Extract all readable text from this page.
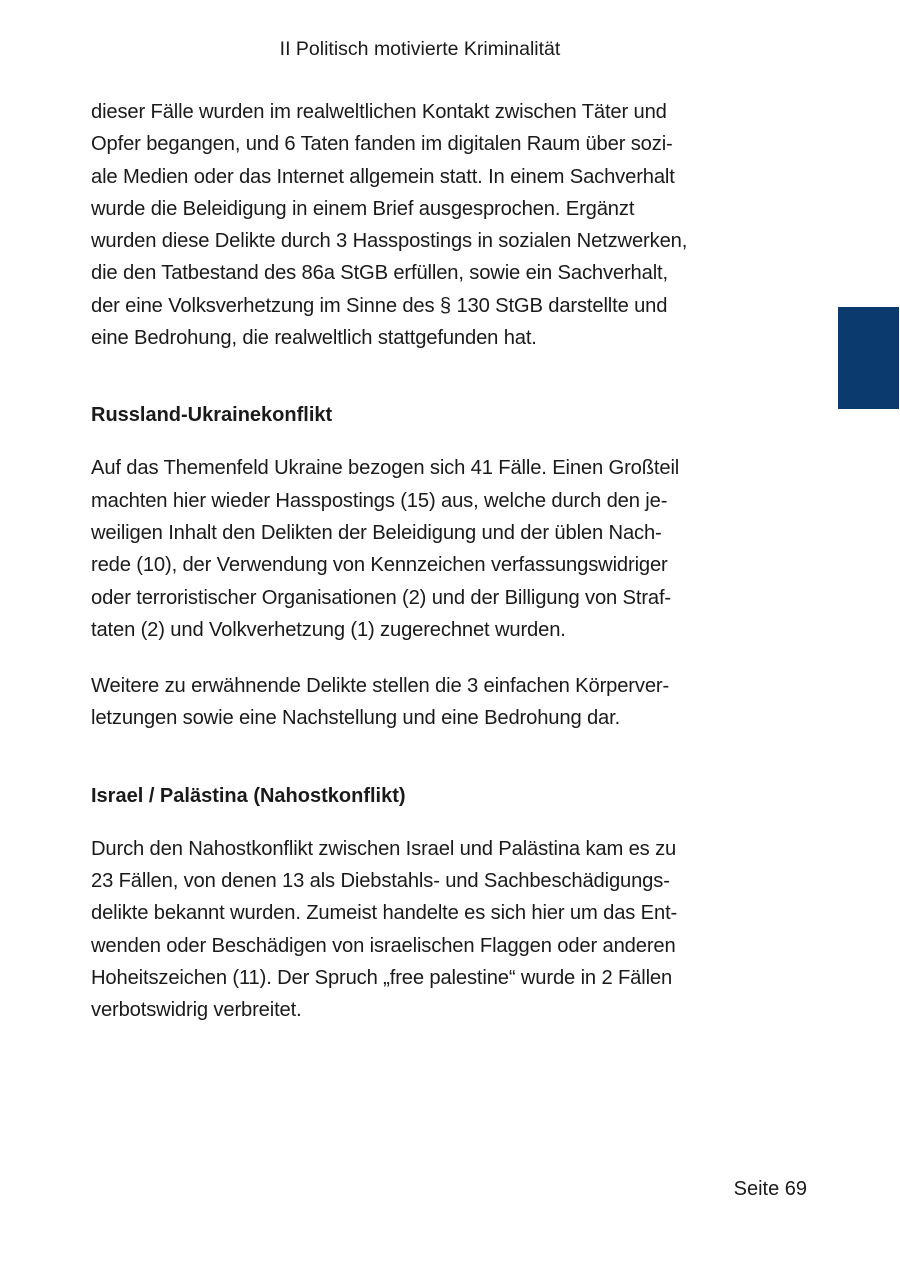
II Politisch motivierte Kriminalität

dieser Fälle wurden im realweltlichen Kontakt zwischen Täter und
Opfer begangen, und 6 Taten fanden im digitalen Raum über sozi-
ale Medien oder das Internet allgemein statt. In einem Sachverhalt
wurde die Beleidigung in einem Brief ausgesprochen. Ergänzt
wurden diese Delikte durch 3 Hasspostings in sozialen Netzwerken,
die den Tatbestand des 86a StGB erfüllen, sowie ein Sachverhalt,
der eine Volksverhetzung im Sinne des § 130 StGB darstellte und
eine Bedrohung, die realweltlich stattgefunden hat.

Russland-Ukrainekonflikt

Auf das Themenfeld Ukraine bezogen sich 41 Fälle. Einen Großteil
machten hier wieder Hasspostings (15) aus, welche durch den je-
weiligen Inhalt den Delikten der Beleidigung und der üblen Nach-
rede (10), der Verwendung von Kennzeichen verfassungswidriger
oder terroristischer Organisationen (2) und der Billigung von Straf-
taten (2) und Volkverhetzung (1) zugerechnet wurden.

Weitere zu erwähnende Delikte stellen die 3 einfachen Körperver-
letzungen sowie eine Nachstellung und eine Bedrohung dar.

Israel / Palästina (Nahostkonflikt)

Durch den Nahostkonflikt zwischen Israel und Palästina kam es zu
23 Fällen, von denen 13 als Diebstahls- und Sachbeschädigungs-
delikte bekannt wurden. Zumeist handelte es sich hier um das Ent-
wenden oder Beschädigen von israelischen Flaggen oder anderen
Hoheitszeichen (11). Der Spruch „free palestine“ wurde in 2 Fällen
verbotswidrig verbreitet.

Seite 69
